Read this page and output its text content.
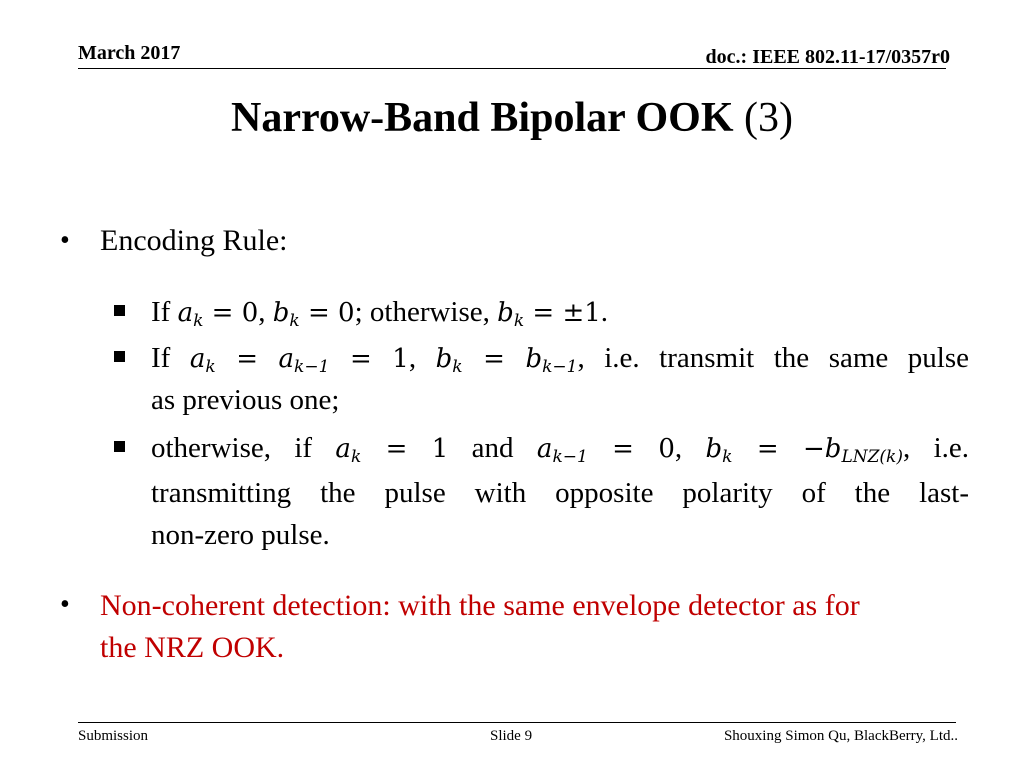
March 2017	doc.: IEEE 802.11-17/0357r0
Narrow-Band Bipolar OOK (3)
• Encoding Rule:
If $a_k = 0$, $b_k = 0$; otherwise, $b_k = \pm 1$.
If $a_k = a_{k-1} = 1$, $b_k = b_{k-1}$, i.e. transmit the same pulse
as previous one;
otherwise, if $a_k = 1$ and $a_{k-1} = 0$, $b_k = -b_{LNZ(k)}$, i.e.
transmitting the pulse with opposite polarity of the last-
non-zero pulse.
• Non-coherent detection: with the same envelope detector as for
the NRZ OOK.
Submission	Slide 9	Shouxing Simon Qu, BlackBerry, Ltd..
